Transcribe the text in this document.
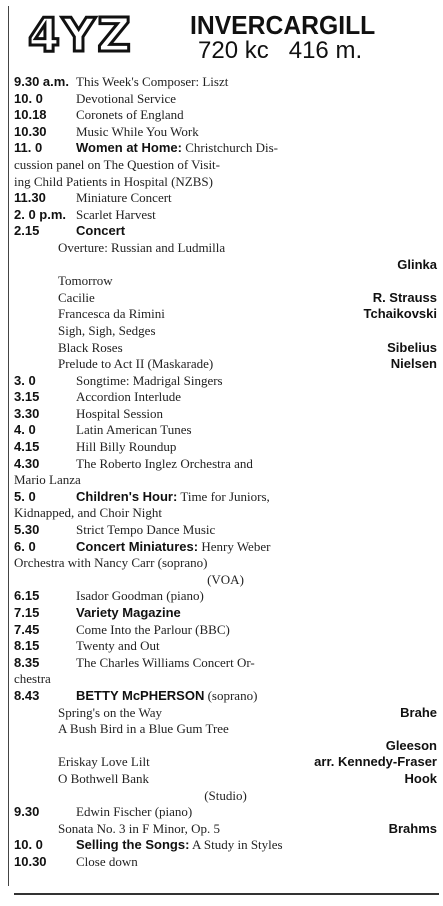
4YZ INVERCARGILL
720 kc 416 m.
9.30 a.m. This Week's Composer: Liszt
10. 0	Devotional Service
10.18 Coronets of England
10.30 Music While You Work
11. 0	Women at Home: Christchurch Dis-
cussion panel on The Question of Visit-
ing Child Patients in Hospital (NZBS)
11.30 Miniature Concert
2. 0 p.m. Scarlet Harvest
2.15	Concert
Overture: Russian and Ludmilla
Glinka
Tomorrow
Cacilie	R. Strauss
Francesca da Rimini	Tchaikovski
Sigh, Sigh, Sedges
Black Roses	Sibelius
Prelude to Act II (Maskarade)	Nielsen
3. 0	Songtime: Madrigal Singers
3.15	Accordion Interlude
3.30	Hospital Session
4. 0	Latin American Tunes
4.15	Hill Billy Roundup
4.30	The Roberto Inglez Orchestra and
Mario Lanza
5. 0	Children's Hour: Time for Juniors,
Kidnapped, and Choir Night
5.30	Strict Tempo Dance Music
6. 0	Concert Miniatures: Henry Weber
Orchestra with Nancy Carr (soprano)
(VOA)
6.15	Isador Goodman (piano)
7.15	Variety Magazine
7.45	Come Into the Parlour (BBC)
8.15	Twenty and Out
8.35	The Charles Williams Concert Or-
chestra
8.43	BETTY McPHERSON (soprano)
Spring's on the Way	Brahe
A Bush Bird in a Blue Gum Tree
Gleeson
Eriskay Love Lilt	arr. Kennedy-Fraser
O Bothwell Bank	Hook
(Studio)
9.30	Edwin Fischer (piano)
Sonata No. 3 in F Minor, Op. 5	Brahms
10. 0	Selling the Songs: A Study in Styles
10.30 Close down
